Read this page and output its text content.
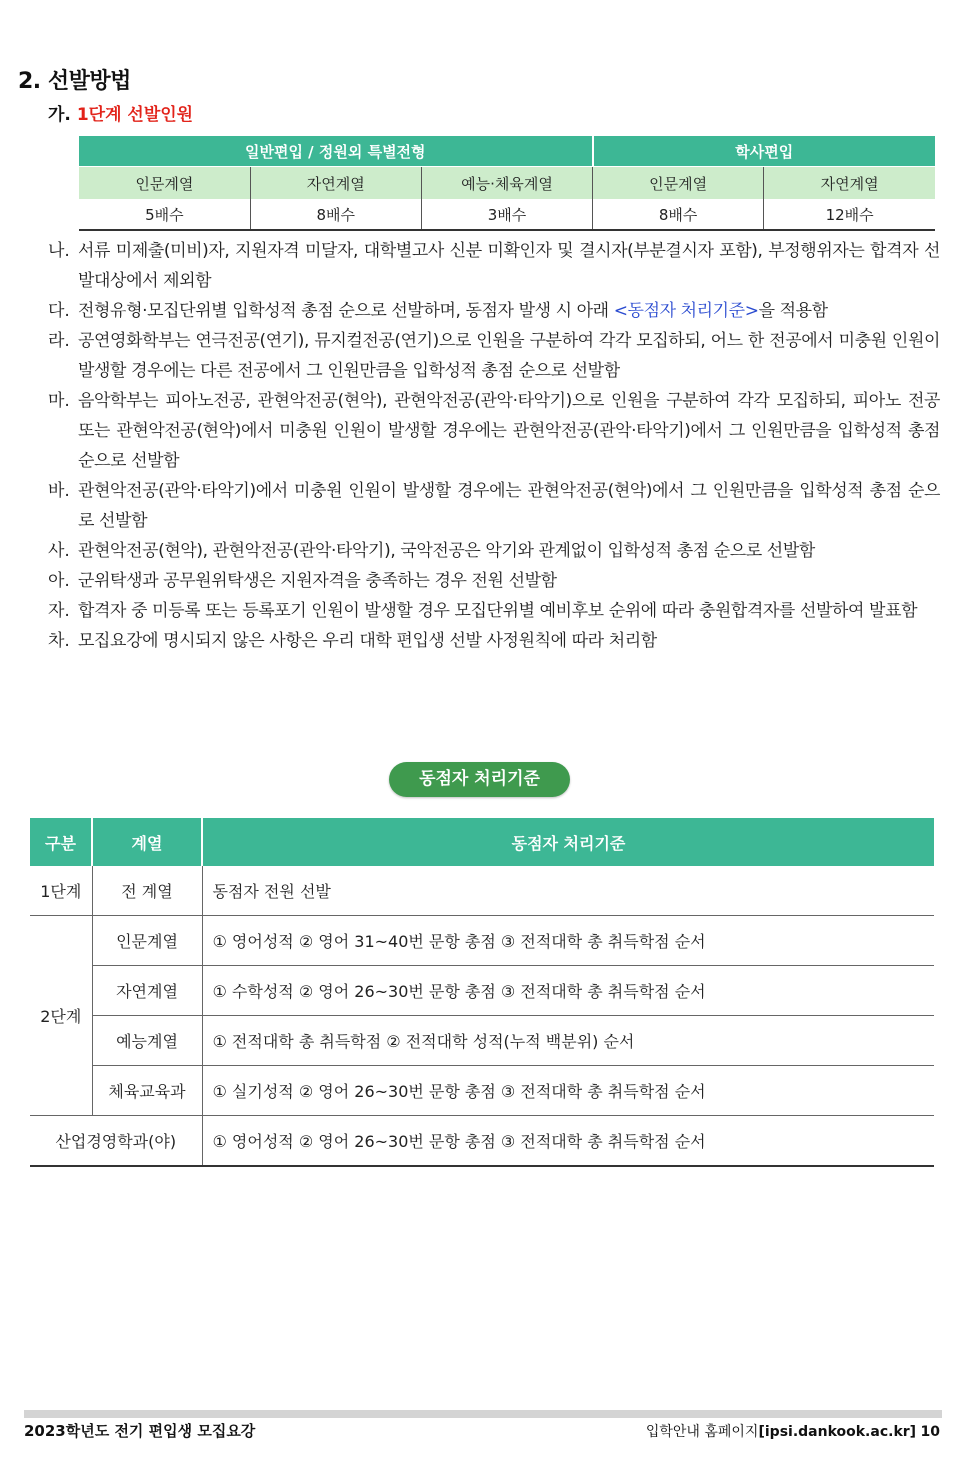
2. 선발방법
가. 1단계 선발인원
일반편입 / 정원외 특별전형			학사편입	
인문계열	자연계열	예능·체육계열	인문계열	자연계열
5배수	8배수	3배수	8배수	12배수
나. 서류 미제출(미비)자, 지원자격 미달자, 대학별고사 신분 미확인자 및 결시자(부분결시자 포함), 부정행위자는 합격자 선발대상에서 제외함
다. 전형유형·모집단위별 입학성적 총점 순으로 선발하며, 동점자 발생 시 아래 <동점자 처리기준>을 적용함
라. 공연영화학부는 연극전공(연기), 뮤지컬전공(연기)으로 인원을 구분하여 각각 모집하되, 어느 한 전공에서 미충원 인원이 발생할 경우에는 다른 전공에서 그 인원만큼을 입학성적 총점 순으로 선발함
마. 음악학부는 피아노전공, 관현악전공(현악), 관현악전공(관악·타악기)으로 인원을 구분하여 각각 모집하되, 피아노 전공 또는 관현악전공(현악)에서 미충원 인원이 발생할 경우에는 관현악전공(관악·타악기)에서 그 인원만큼을 입학성적 총점 순으로 선발함
바. 관현악전공(관악·타악기)에서 미충원 인원이 발생할 경우에는 관현악전공(현악)에서 그 인원만큼을 입학성적 총점 순으로 선발함
사. 관현악전공(현악), 관현악전공(관악·타악기), 국악전공은 악기와 관계없이 입학성적 총점 순으로 선발함
아. 군위탁생과 공무원위탁생은 지원자격을 충족하는 경우 전원 선발함
자. 합격자 중 미등록 또는 등록포기 인원이 발생할 경우 모집단위별 예비후보 순위에 따라 충원합격자를 선발하여 발표함
차. 모집요강에 명시되지 않은 사항은 우리 대학 편입생 선발 사정원칙에 따라 처리함
동점자 처리기준
구분	계열	동점자 처리기준
1단계	전 계열	동점자 전원 선발
2단계	인문계열	① 영어성적 ② 영어 31~40번 문항 총점 ③ 전적대학 총 취득학점 순서
	자연계열	① 수학성적 ② 영어 26~30번 문항 총점 ③ 전적대학 총 취득학점 순서
	예능계열	① 전적대학 총 취득학점 ② 전적대학 성적(누적 백분위) 순서
	체육교육과	① 실기성적 ② 영어 26~30번 문항 총점 ③ 전적대학 총 취득학점 순서
산업경영학과(야)		① 영어성적 ② 영어 26~30번 문항 총점 ③ 전적대학 총 취득학점 순서
2023학년도 전기 편입생 모집요강	입학안내 홈페이지[ipsi.dankook.ac.kr] 10
